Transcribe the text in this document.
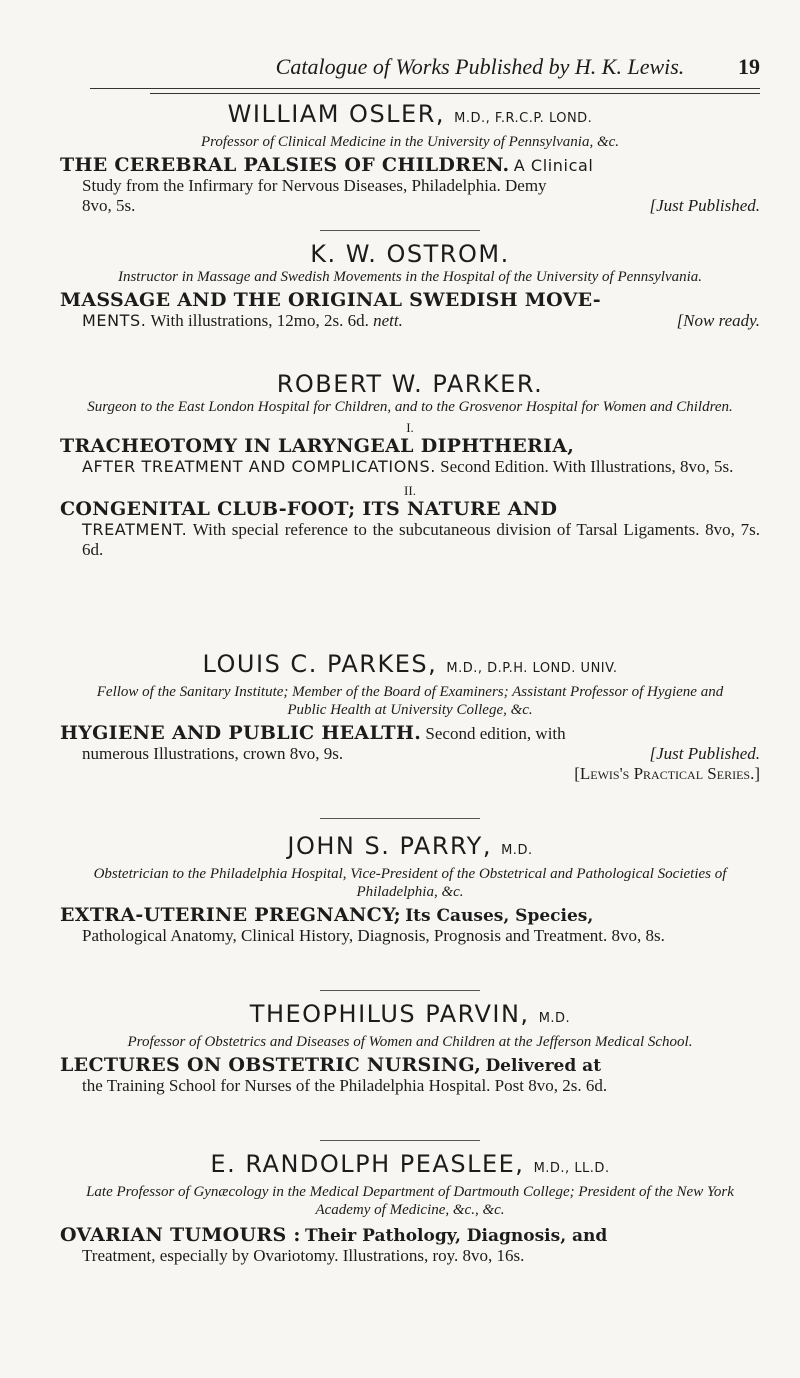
Catalogue of Works Published by H. K. Lewis. 19
WILLIAM OSLER, M.D., F.R.C.P. LOND.
Professor of Clinical Medicine in the University of Pennsylvania, &c.
THE CEREBRAL PALSIES OF CHILDREN. A Clinical
Study from the Infirmary for Nervous Diseases, Philadelphia. Demy
8vo, 5s.	[Just Published.
K. W. OSTROM.
Instructor in Massage and Swedish Movements in the Hospital of the University of Pennsylvania.
MASSAGE AND THE ORIGINAL SWEDISH MOVE-
MENTS. With illustrations, 12mo, 2s. 6d. nett.	[Now ready.
ROBERT W. PARKER.
Surgeon to the East London Hospital for Children, and to the Grosvenor Hospital for Women and Children.
I.
TRACHEOTOMY IN LARYNGEAL DIPHTHERIA,
AFTER TREATMENT AND COMPLICATIONS. Second Edition. With Illustrations, 8vo, 5s.
II.
CONGENITAL CLUB-FOOT; ITS NATURE AND
TREATMENT. With special reference to the subcutaneous division of Tarsal Ligaments. 8vo, 7s. 6d.
LOUIS C. PARKES, M.D., D.P.H. LOND. UNIV.
Fellow of the Sanitary Institute; Member of the Board of Examiners; Assistant Professor of Hygiene and Public Health at University College, &c.
HYGIENE AND PUBLIC HEALTH. Second edition, with
numerous Illustrations, crown 8vo, 9s.	[Just Published.
[Lewis's Practical Series.]
JOHN S. PARRY, M.D.
Obstetrician to the Philadelphia Hospital, Vice-President of the Obstetrical and Pathological Societies of Philadelphia, &c.
EXTRA-UTERINE PREGNANCY; Its Causes, Species,
Pathological Anatomy, Clinical History, Diagnosis, Prognosis and Treatment. 8vo, 8s.
THEOPHILUS PARVIN, M.D.
Professor of Obstetrics and Diseases of Women and Children at the Jefferson Medical School.
LECTURES ON OBSTETRIC NURSING, Delivered at
the Training School for Nurses of the Philadelphia Hospital. Post 8vo, 2s. 6d.
E. RANDOLPH PEASLEE, M.D., LL.D.
Late Professor of Gynæcology in the Medical Department of Dartmouth College; President of the New York Academy of Medicine, &c., &c.
OVARIAN TUMOURS : Their Pathology, Diagnosis, and
Treatment, especially by Ovariotomy. Illustrations, roy. 8vo, 16s.
